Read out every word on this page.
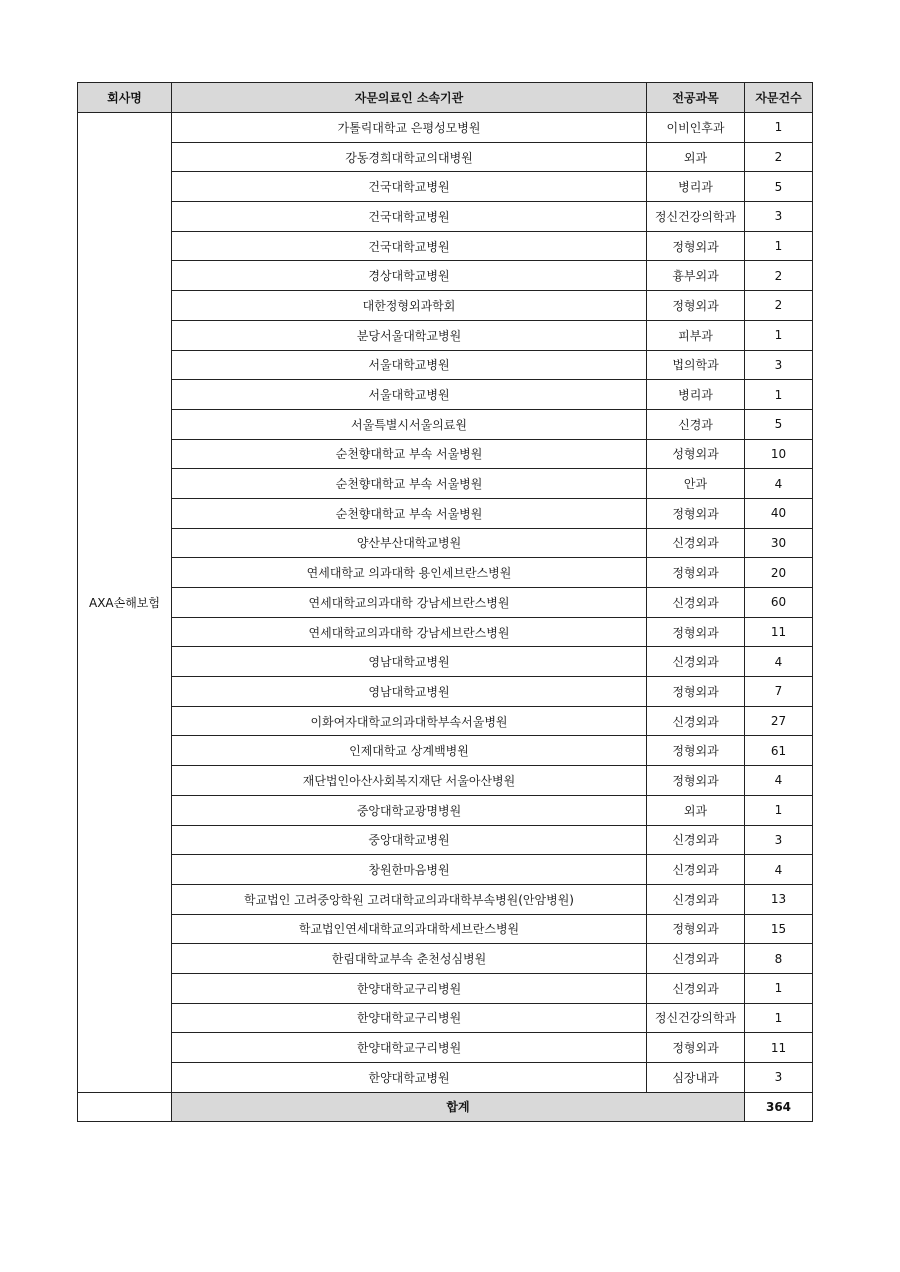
회사명	자문의료인 소속기관	전공과목	자문건수
AXA손해보험	가톨릭대학교 은평성모병원	이비인후과	1
	강동경희대학교의대병원	외과	2
	건국대학교병원	병리과	5
	건국대학교병원	정신건강의학과	3
	건국대학교병원	정형외과	1
	경상대학교병원	흉부외과	2
	대한정형외과학회	정형외과	2
	분당서울대학교병원	피부과	1
	서울대학교병원	법의학과	3
	서울대학교병원	병리과	1
	서울특별시서울의료원	신경과	5
	순천향대학교 부속 서울병원	성형외과	10
	순천향대학교 부속 서울병원	안과	4
	순천향대학교 부속 서울병원	정형외과	40
	양산부산대학교병원	신경외과	30
	연세대학교 의과대학 용인세브란스병원	정형외과	20
	연세대학교의과대학 강남세브란스병원	신경외과	60
	연세대학교의과대학 강남세브란스병원	정형외과	11
	영남대학교병원	신경외과	4
	영남대학교병원	정형외과	7
	이화여자대학교의과대학부속서울병원	신경외과	27
	인제대학교 상계백병원	정형외과	61
	재단법인아산사회복지재단 서울아산병원	정형외과	4
	중앙대학교광명병원	외과	1
	중앙대학교병원	신경외과	3
	창원한마음병원	신경외과	4
	학교법인 고려중앙학원 고려대학교의과대학부속병원(안암병원)	신경외과	13
	학교법인연세대학교의과대학세브란스병원	정형외과	15
	한림대학교부속 춘천성심병원	신경외과	8
	한양대학교구리병원	신경외과	1
	한양대학교구리병원	정신건강의학과	1
	한양대학교구리병원	정형외과	11
	한양대학교병원	심장내과	3
	합계		364
